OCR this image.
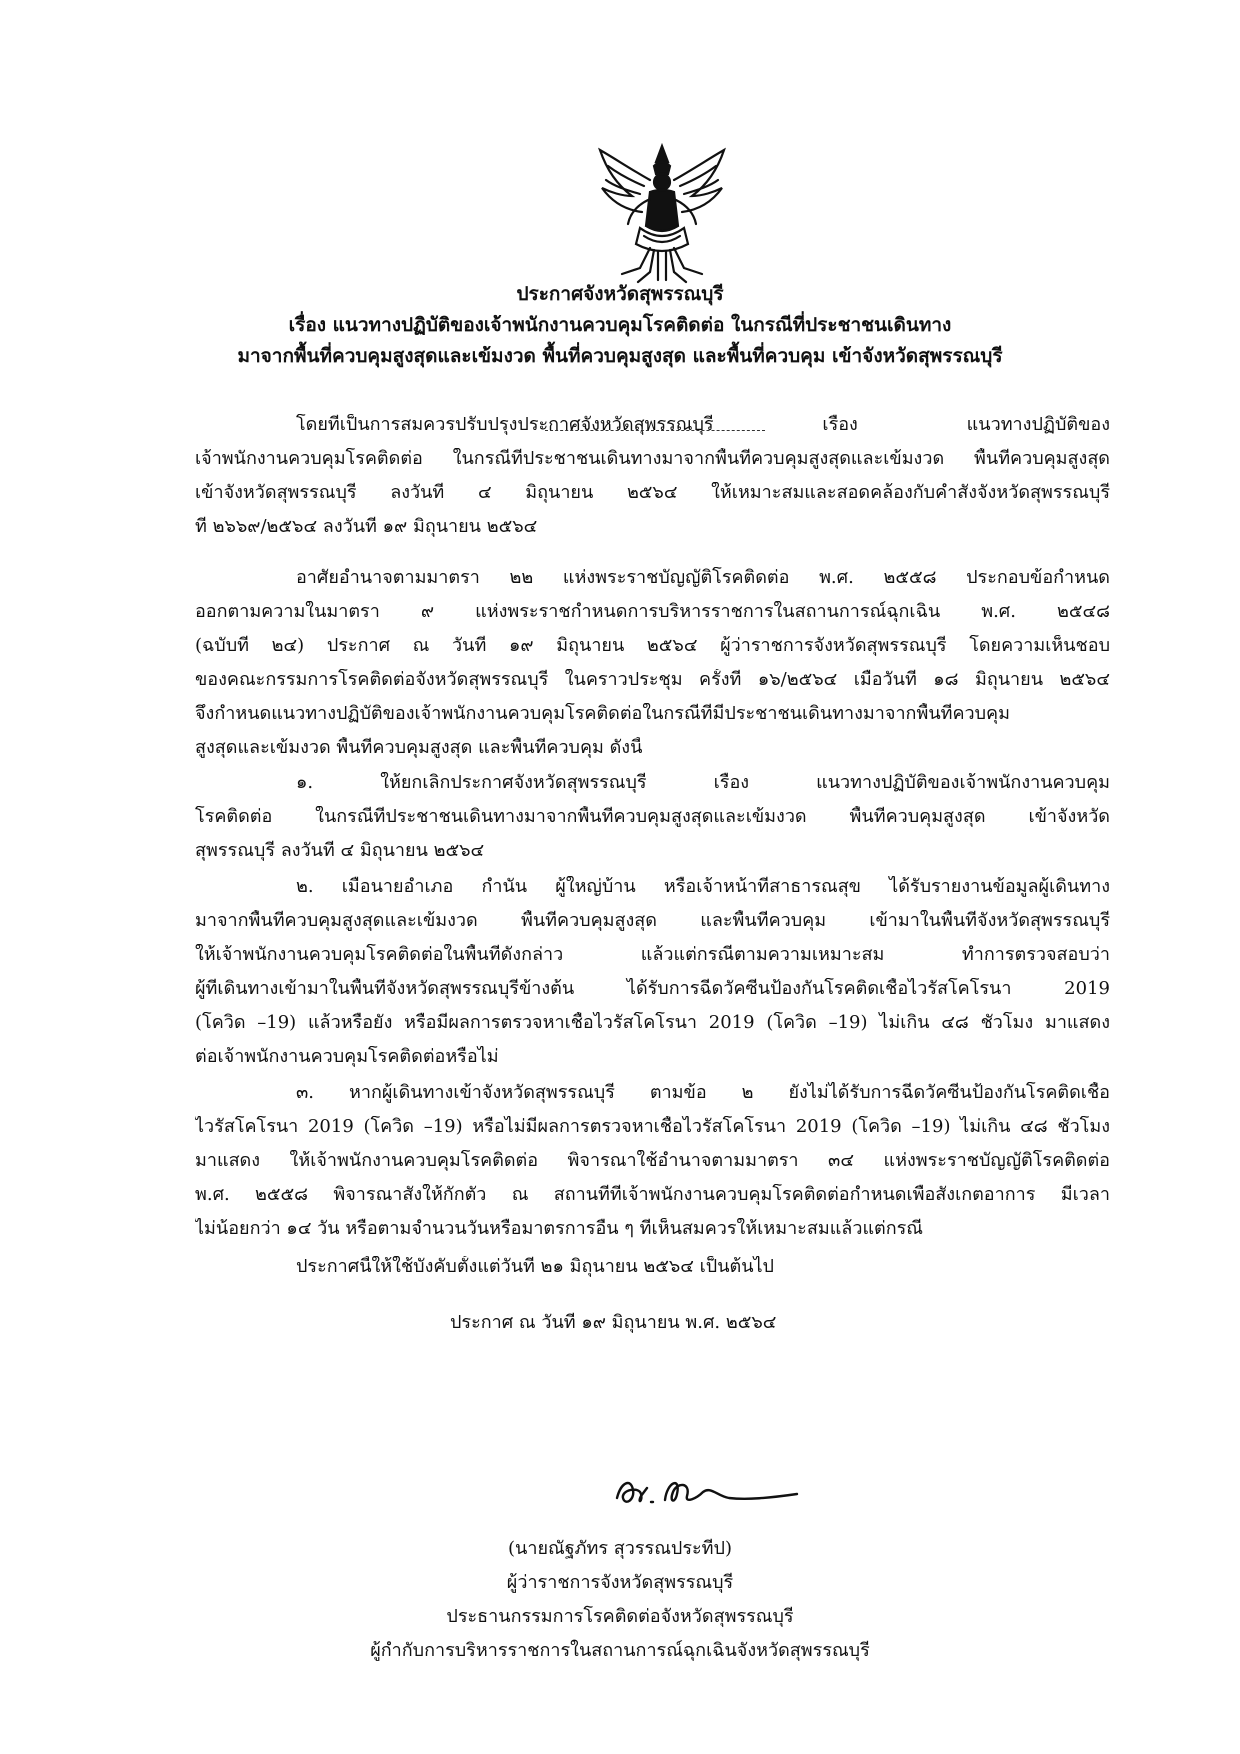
ประกาศจังหวัดสุพรรณบุรี
เรื่อง แนวทางปฏิบัติของเจ้าพนักงานควบคุมโรคติดต่อ ในกรณีที่ประชาชนเดินทาง
มาจากพื้นที่ควบคุมสูงสุดและเข้มงวด พื้นที่ควบคุมสูงสุด และพื้นที่ควบคุม เข้าจังหวัดสุพรรณบุรี
โดยที่เป็นการสมควรปรับปรุงประกาศจังหวัดสุพรรณบุรี เรื่อง แนวทางปฏิบัติของ
เจ้าพนักงานควบคุมโรคติดต่อ ในกรณีที่ประชาชนเดินทางมาจากพื้นที่ควบคุมสูงสุดและเข้มงวด พื้นที่ควบคุมสูงสุด
เข้าจังหวัดสุพรรณบุรี ลงวันที่ ๔ มิถุนายน ๒๕๖๔ ให้เหมาะสมและสอดคล้องกับคำสั่งจังหวัดสุพรรณบุรี
ที่ ๒๖๖๙/๒๕๖๔ ลงวันที่ ๑๙ มิถุนายน ๒๕๖๔
อาศัยอำนาจตามมาตรา ๒๒ แห่งพระราชบัญญัติโรคติดต่อ พ.ศ. ๒๕๕๘ ประกอบข้อกำหนด
ออกตามความในมาตรา ๙ แห่งพระราชกำหนดการบริหารราชการในสถานการณ์ฉุกเฉิน พ.ศ. ๒๕๔๘
(ฉบับที่ ๒๔) ประกาศ ณ วันที่ ๑๙ มิถุนายน ๒๕๖๔ ผู้ว่าราชการจังหวัดสุพรรณบุรี โดยความเห็นชอบ
ของคณะกรรมการโรคติดต่อจังหวัดสุพรรณบุรี ในคราวประชุม ครั้งที่ ๑๖/๒๕๖๔ เมื่อวันที่ ๑๘ มิถุนายน ๒๕๖๔
จึงกำหนดแนวทางปฏิบัติของเจ้าพนักงานควบคุมโรคติดต่อในกรณีที่มีประชาชนเดินทางมาจากพื้นที่ควบคุม
สูงสุดและเข้มงวด พื้นที่ควบคุมสูงสุด และพื้นที่ควบคุม ดังนี้
๑. ให้ยกเลิกประกาศจังหวัดสุพรรณบุรี เรื่อง แนวทางปฏิบัติของเจ้าพนักงานควบคุม
โรคติดต่อ ในกรณีที่ประชาชนเดินทางมาจากพื้นที่ควบคุมสูงสุดและเข้มงวด พื้นที่ควบคุมสูงสุด เข้าจังหวัด
สุพรรณบุรี ลงวันที่ ๔ มิถุนายน ๒๕๖๔
๒. เมื่อนายอำเภอ กำนัน ผู้ใหญ่บ้าน หรือเจ้าหน้าที่สาธารณสุข ได้รับรายงานข้อมูลผู้เดินทาง
มาจากพื้นที่ควบคุมสูงสุดและเข้มงวด พื้นที่ควบคุมสูงสุด และพื้นที่ควบคุม เข้ามาในพื้นที่จังหวัดสุพรรณบุรี
ให้เจ้าพนักงานควบคุมโรคติดต่อในพื้นที่ดังกล่าว แล้วแต่กรณีตามความเหมาะสม ทำการตรวจสอบว่า
ผู้ที่เดินทางเข้ามาในพื้นที่จังหวัดสุพรรณบุรีข้างต้น ได้รับการฉีดวัคซีนป้องกันโรคติดเชื้อไวรัสโคโรนา 2019
(โควิด –19) แล้วหรือยัง หรือมีผลการตรวจหาเชื้อไวรัสโคโรนา 2019 (โควิด –19) ไม่เกิน ๔๘ ชั่วโมง มาแสดง
ต่อเจ้าพนักงานควบคุมโรคติดต่อหรือไม่
๓. หากผู้เดินทางเข้าจังหวัดสุพรรณบุรี ตามข้อ ๒ ยังไม่ได้รับการฉีดวัคซีนป้องกันโรคติดเชื้อ
ไวรัสโคโรนา 2019 (โควิด –19) หรือไม่มีผลการตรวจหาเชื้อไวรัสโคโรนา 2019 (โควิด –19) ไม่เกิน ๔๘ ชั่วโมง
มาแสดง ให้เจ้าพนักงานควบคุมโรคติดต่อ พิจารณาใช้อำนาจตามมาตรา ๓๔ แห่งพระราชบัญญัติโรคติดต่อ
พ.ศ. ๒๕๕๘ พิจารณาสั่งให้กักตัว ณ สถานที่ที่เจ้าพนักงานควบคุมโรคติดต่อกำหนดเพื่อสังเกตอาการ มีเวลา
ไม่น้อยกว่า ๑๔ วัน หรือตามจำนวนวันหรือมาตรการอื่น ๆ ที่เห็นสมควรให้เหมาะสมแล้วแต่กรณี
ประกาศนี้ให้ใช้บังคับตั้งแต่วันที่ ๒๑ มิถุนายน ๒๕๖๔ เป็นต้นไป
ประกาศ ณ วันที่ ๑๙ มิถุนายน พ.ศ. ๒๕๖๔
(นายณัฐภัทร สุวรรณประทีป)
ผู้ว่าราชการจังหวัดสุพรรณบุรี
ประธานกรรมการโรคติดต่อจังหวัดสุพรรณบุรี
ผู้กำกับการบริหารราชการในสถานการณ์ฉุกเฉินจังหวัดสุพรรณบุรี
